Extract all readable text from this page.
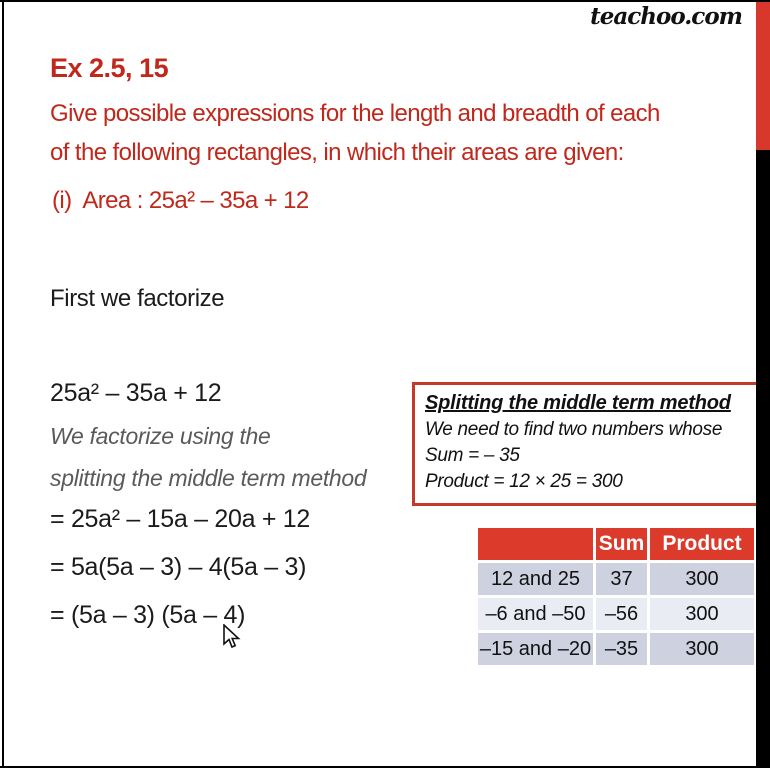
teachoo.com
Ex 2.5, 15

Give possible expressions for the length and breadth of each

of the following rectangles, in which their areas are given:

(i)  Area : 25a² – 35a + 12

First we factorize

25a² – 35a + 12

We factorize using the

splitting the middle term method

= 25a² – 15a – 20a + 12

= 5a(5a – 3) – 4(5a – 3)

= (5a – 3) (5a – 4)

Splitting the middle term method
We need to find two numbers whose
Sum = – 35
Product = 12 × 25 = 300
Sum Product
12 and 25	37	300
–6 and –50 –56	300
–15 and –20 –35	300
